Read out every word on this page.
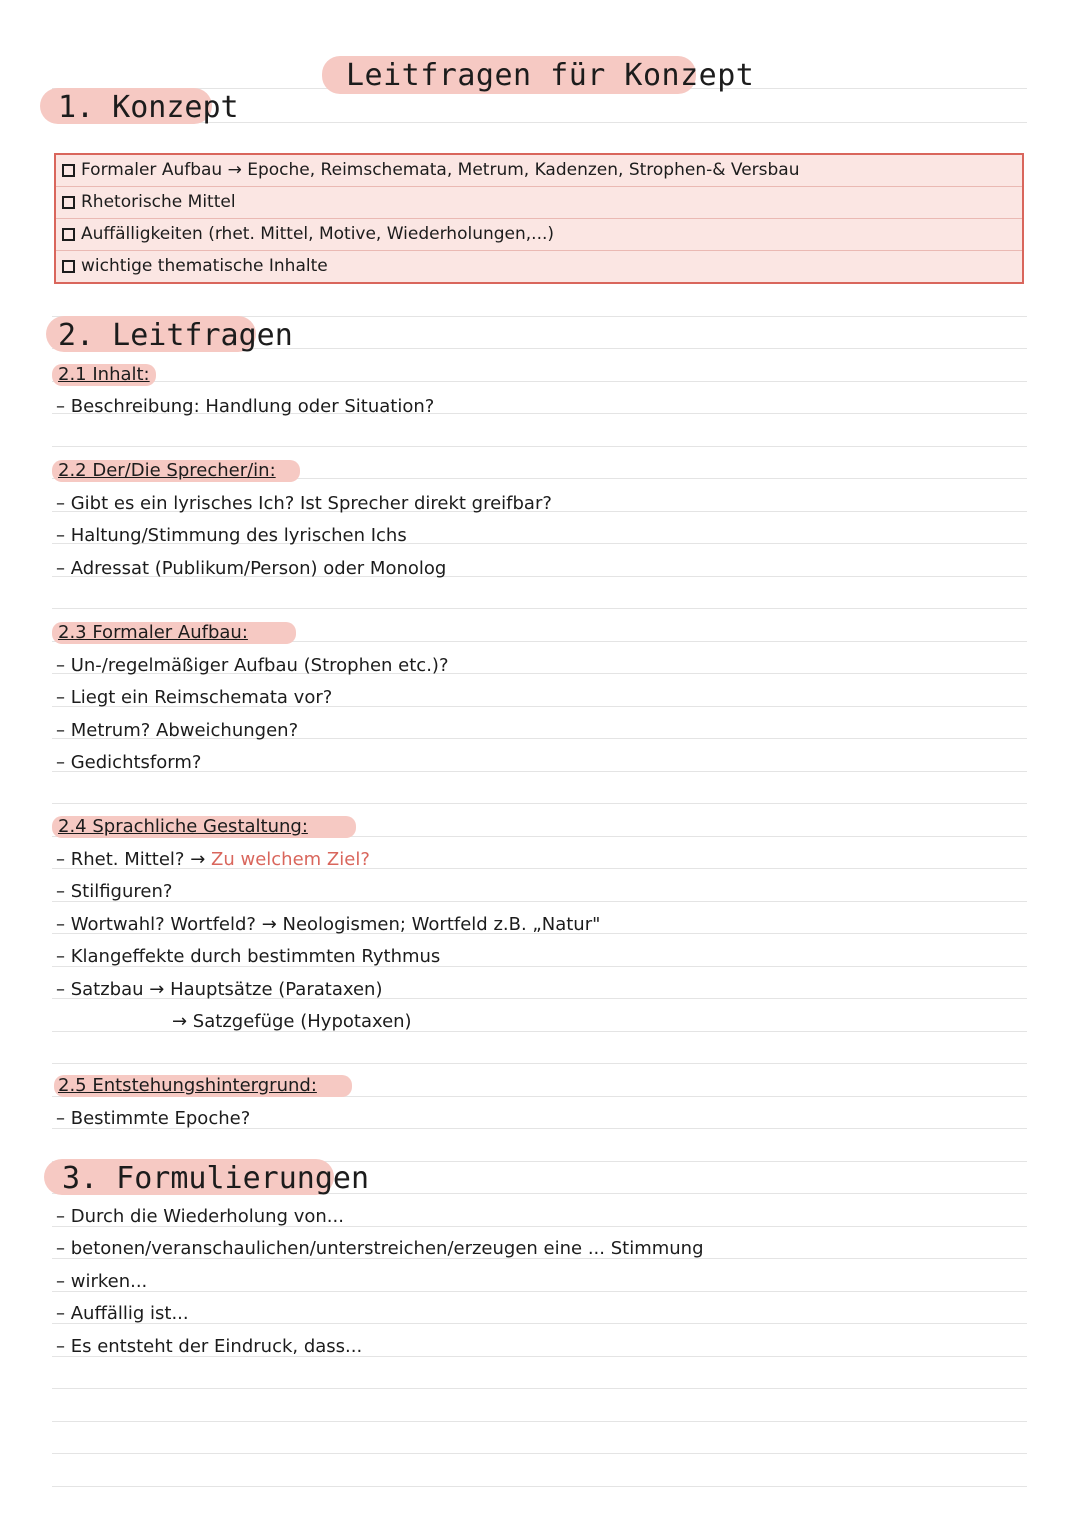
Leitfragen für Konzept
1. Konzept
Formaler Aufbau → Epoche, Reimschemata, Metrum, Kadenzen, Strophen-& Versbau
Rhetorische Mittel
Auffälligkeiten (rhet. Mittel, Motive, Wiederholungen,...)
wichtige thematische Inhalte
2. Leitfragen
2.1 Inhalt:
– Beschreibung: Handlung oder Situation?
2.2 Der/Die Sprecher/in:
– Gibt es ein lyrisches Ich? Ist Sprecher direkt greifbar?
– Haltung/Stimmung des lyrischen Ichs
– Adressat (Publikum/Person) oder Monolog
2.3 Formaler Aufbau:
– Un-/regelmäßiger Aufbau (Strophen etc.)?
– Liegt ein Reimschemata vor?
– Metrum? Abweichungen?
– Gedichtsform?
2.4 Sprachliche Gestaltung:
– Rhet. Mittel? → Zu welchem Ziel?
– Stilfiguren?
– Wortwahl? Wortfeld? → Neologismen; Wortfeld z.B. „Natur"
– Klangeffekte durch bestimmten Rythmus
– Satzbau → Hauptsätze (Parataxen)
→ Satzgefüge (Hypotaxen)
2.5 Entstehungshintergrund:
– Bestimmte Epoche?
3. Formulierungen
– Durch die Wiederholung von...
– betonen/veranschaulichen/unterstreichen/erzeugen eine ... Stimmung
– wirken...
– Auffällig ist...
– Es entsteht der Eindruck, dass...
